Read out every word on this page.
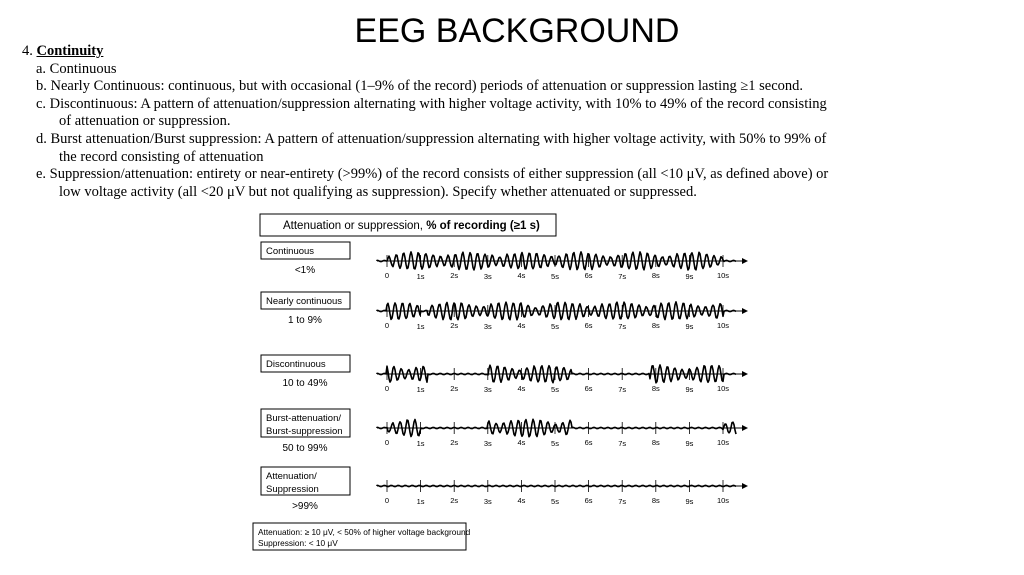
EEG BACKGROUND

4. Continuity

a. Continuous

b. Nearly Continuous: continuous, but with occasional (1–9% of the record) periods of attenuation or suppression lasting ≥1 second.

c. Discontinuous: A pattern of attenuation/suppression alternating with higher voltage activity, with 10% to 49% of the record consisting

of attenuation or suppression.

d. Burst attenuation/Burst suppression: A pattern of attenuation/suppression alternating with higher voltage activity, with 50% to 99% of

the record consisting of attenuation

e. Suppression/attenuation: entirety or near-entirety (>99%) of the record consists of either suppression (all <10 μV, as defined above) or

low voltage activity (all <20 μV but not qualifying as suppression). Specify whether attenuated or suppressed.

Attenuation or suppression, % of recording (≥1 s)
Continuous
<1%	0	1s	2s	3s	4s	5s	6s	7s	8s	9s	10s
Nearly continuous
1 to 9%	0	1s	2s	3s	4s	5s	6s	7s	8s	9s	10s
Discontinuous
10 to 49%	0	1s	2s	3s	4s	5s	6s	7s	8s	9s	10s
Burst-attenuation/
Burst-suppression
50 to 99%
0	1s	2s	3s	4s	5s	6s	7s	8s	9s	10s
Attenuation/
Suppression
>99%
0	1s	2s	3s	4s	5s	6s	7s	8s	9s	10s
Attenuation: ≥ 10 μV, < 50% of higher voltage background
Suppression: < 10 μV
